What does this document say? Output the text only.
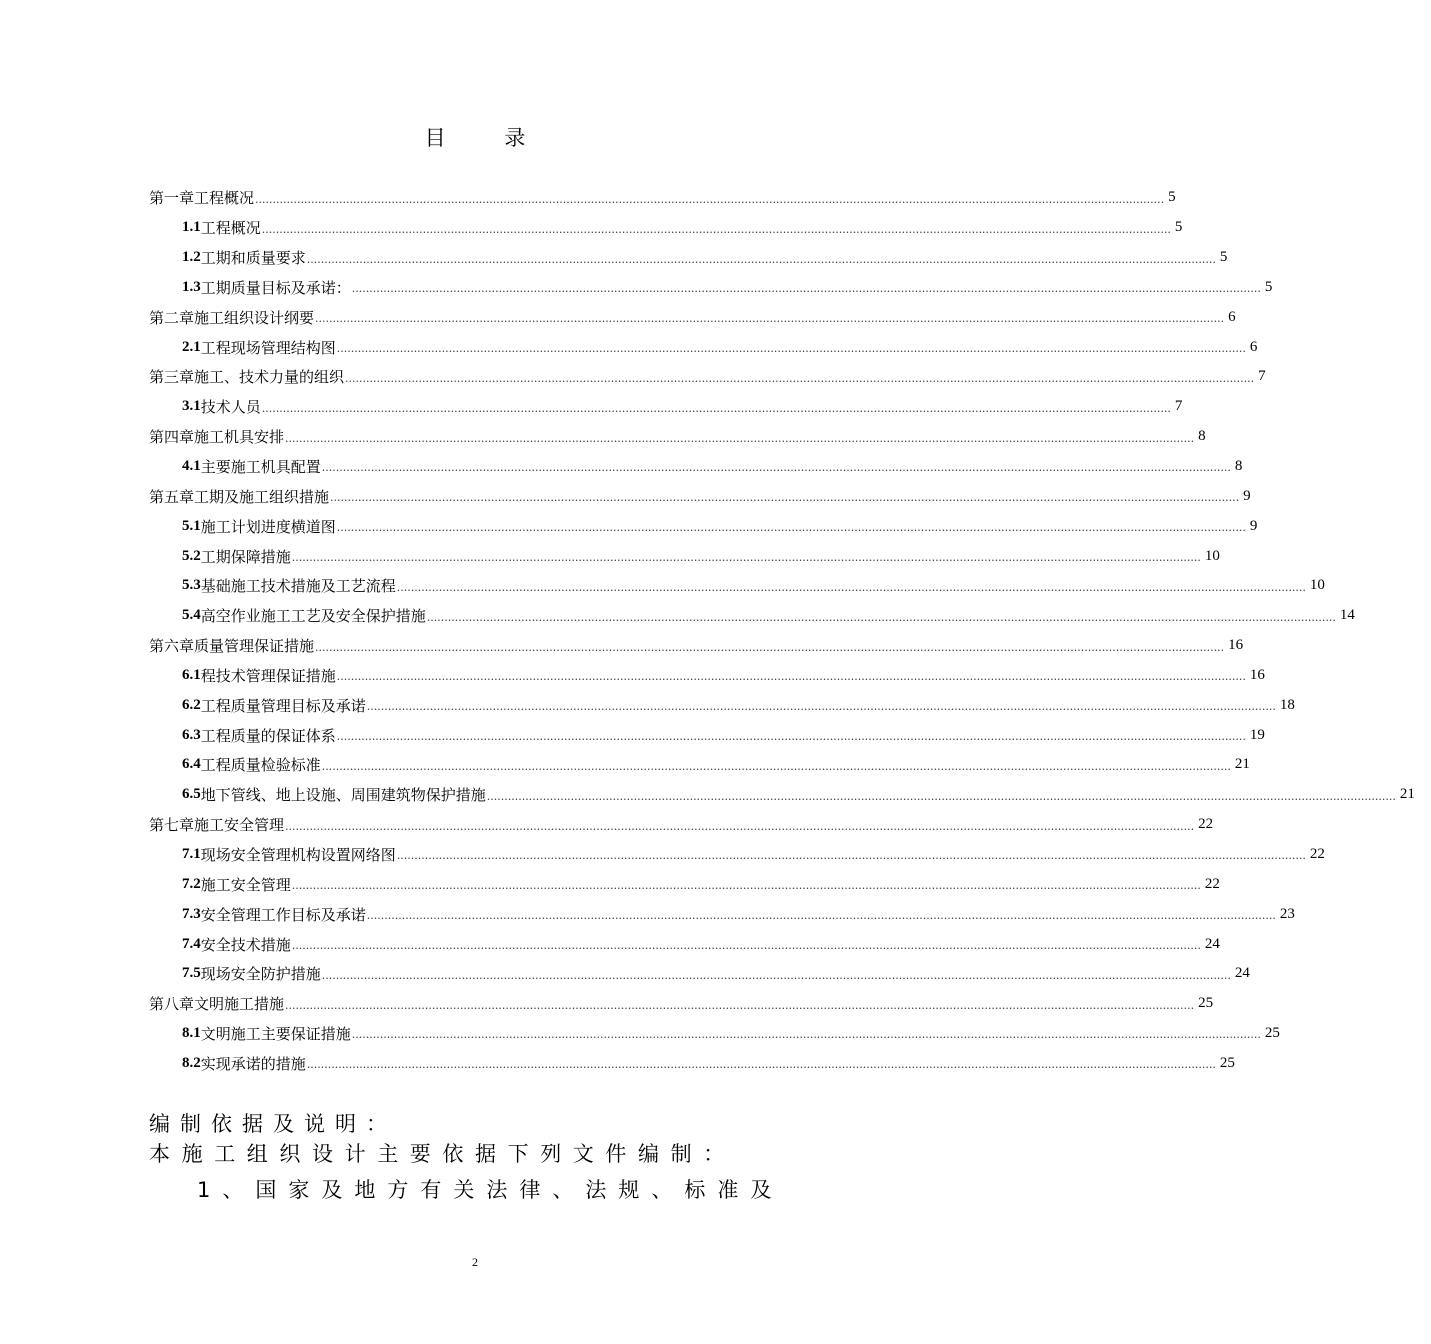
目 录
第一章 工程概况 .................................................................................................................................................................................................................................................................... 5
1.1 工程概况 .................................................................................................................................................................................................................................................................... 5
1.2 工期和质量要求 .................................................................................................................................................................................................................................................................... 5
1.3 工期质量目标及承诺： .................................................................................................................................................................................................................................................................... 5
第二章 施工组织设计纲要 .................................................................................................................................................................................................................................................................... 6
2.1 工程现场管理结构图 .................................................................................................................................................................................................................................................................... 6
第三章 施工、技术力量的组织 .................................................................................................................................................................................................................................................................... 7
3.1 技术人员 .................................................................................................................................................................................................................................................................... 7
第四章 施工机具安排 .................................................................................................................................................................................................................................................................... 8
4.1 主要施工机具配置 .................................................................................................................................................................................................................................................................... 8
第五章 工期及施工组织措施 .................................................................................................................................................................................................................................................................... 9
5.1 施工计划进度横道图 .................................................................................................................................................................................................................................................................... 9
5.2 工期保障措施 .................................................................................................................................................................................................................................................................... 10
5.3 基础施工技术措施及工艺流程 .................................................................................................................................................................................................................................................................... 10
5.4 高空作业施工工艺及安全保护措施 .................................................................................................................................................................................................................................................................... 14
第六章 质量管理保证措施 .................................................................................................................................................................................................................................................................... 16
6.1 程技术管理保证措施 .................................................................................................................................................................................................................................................................... 16
6.2 工程质量管理目标及承诺 .................................................................................................................................................................................................................................................................... 18
6.3 工程质量的保证体系 .................................................................................................................................................................................................................................................................... 19
6.4 工程质量检验标准 .................................................................................................................................................................................................................................................................... 21
6.5 地下管线、地上设施、周围建筑物保护措施 .................................................................................................................................................................................................................................................................... 21
第七章 施工安全管理 .................................................................................................................................................................................................................................................................... 22
7.1 现场安全管理机构设置网络图 .................................................................................................................................................................................................................................................................... 22
7.2 施工安全管理 .................................................................................................................................................................................................................................................................... 22
7.3 安全管理工作目标及承诺 .................................................................................................................................................................................................................................................................... 23
7.4 安全技术措施 .................................................................................................................................................................................................................................................................... 24
7.5 现场安全防护措施 .................................................................................................................................................................................................................................................................... 24
第八章 文明施工措施 .................................................................................................................................................................................................................................................................... 25
8.1 文明施工主要保证措施 .................................................................................................................................................................................................................................................................... 25
8.2 实现承诺的措施 .................................................................................................................................................................................................................................................................... 25
编制依据及说明：
本施工组织设计主要依据下列文件编制：
1、国家及地方有关法律、法规、标准及
2
